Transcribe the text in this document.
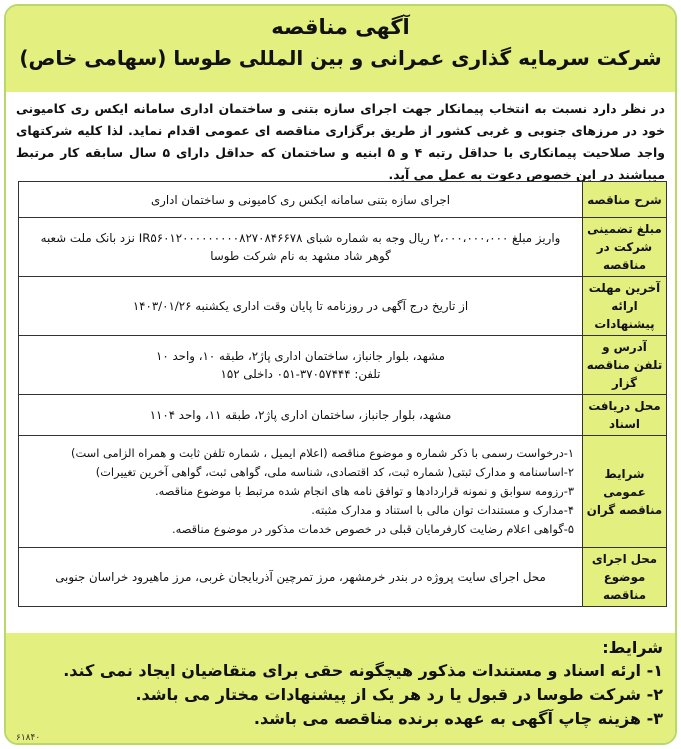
آگهی مناقصه
شرکت سرمایه گذاری عمرانی و بین المللی طوسا (سهامی خاص)
در نظر دارد نسبت به انتخاب پیمانکار جهت اجرای سازه بتنی و ساختمان اداری سامانه ایکس ری کامیونی خود در مرزهای جنوبی و غربی کشور از طریق برگزاری مناقصه ای عمومی اقدام نماید. لذا کلیه شرکتهای واجد صلاحیت پیمانکاری با حداقل رتبه ۴ و ۵ ابنیه و ساختمان که حداقل دارای ۵ سال سابقه کار مرتبط میباشند در این خصوص دعوت به عمل می آید.
شرح مناقصه	اجرای سازه بتنی سامانه ایکس ری کامیونی و ساختمان اداری
مبلغ تضمینی شرکت در مناقصه	واریز مبلغ ۲،۰۰۰،۰۰۰،۰۰۰ ریال وجه به شماره شبای IR۵۶۰۱۲۰۰۰۰۰۰۰۰۰۸۲۷۰۸۴۶۶۷۸ نزد بانک ملت شعبه گوهر شاد مشهد به نام شرکت طوسا
آخرین مهلت ارائه پیشنهادات	از تاریخ درج آگهی در روزنامه تا پایان وقت اداری یکشنبه ۱۴۰۳/۰۱/۲۶
آدرس و تلفن مناقصه گزار	مشهد، بلوار جانباز، ساختمان اداری پاژ۲، طبقه ۱۰، واحد ۱۰
تلفن: ۳۷۰۵۷۴۴۴-۰۵۱ داخلی ۱۵۲

محل دریافت اسناد	مشهد، بلوار جانباز، ساختمان اداری پاژ۲، طبقه ۱۱، واحد ۱۱۰۴
شرایط عمومی مناقصه گران	۱-درخواست رسمی با ذکر شماره و موضوع مناقصه (اعلام ایمیل ، شماره تلفن ثابت و همراه الزامی است)
۲-اساسنامه و مدارک ثبتی( شماره ثبت، کد اقتصادی، شناسه ملی، گواهی ثبت، گواهی آخرین تغییرات)
۳-رزومه سوابق و نمونه قراردادها و توافق نامه های انجام شده مرتبط با موضوع مناقصه.
۴-مدارک و مستندات توان مالی با استناد و مدارک مثبته.
۵-گواهی اعلام رضایت کارفرمایان قبلی در خصوص خدمات مذکور در موضوع مناقصه.

محل اجرای موضوع مناقصه	محل اجرای سایت پروژه در بندر خرمشهر، مرز تمرچین آذربایجان غربی، مرز ماهیرود خراسان جنوبی
شرایط:
۱- ارئه اسناد و مستندات مذکور هیچگونه حقی برای متقاضیان ایجاد نمی کند.
۲- شرکت طوسا در قبول یا رد هر یک از پیشنهادات مختار می باشد.
۳- هزینه چاپ آگهی به عهده برنده مناقصه می باشد.
۶۱۸۴۰
